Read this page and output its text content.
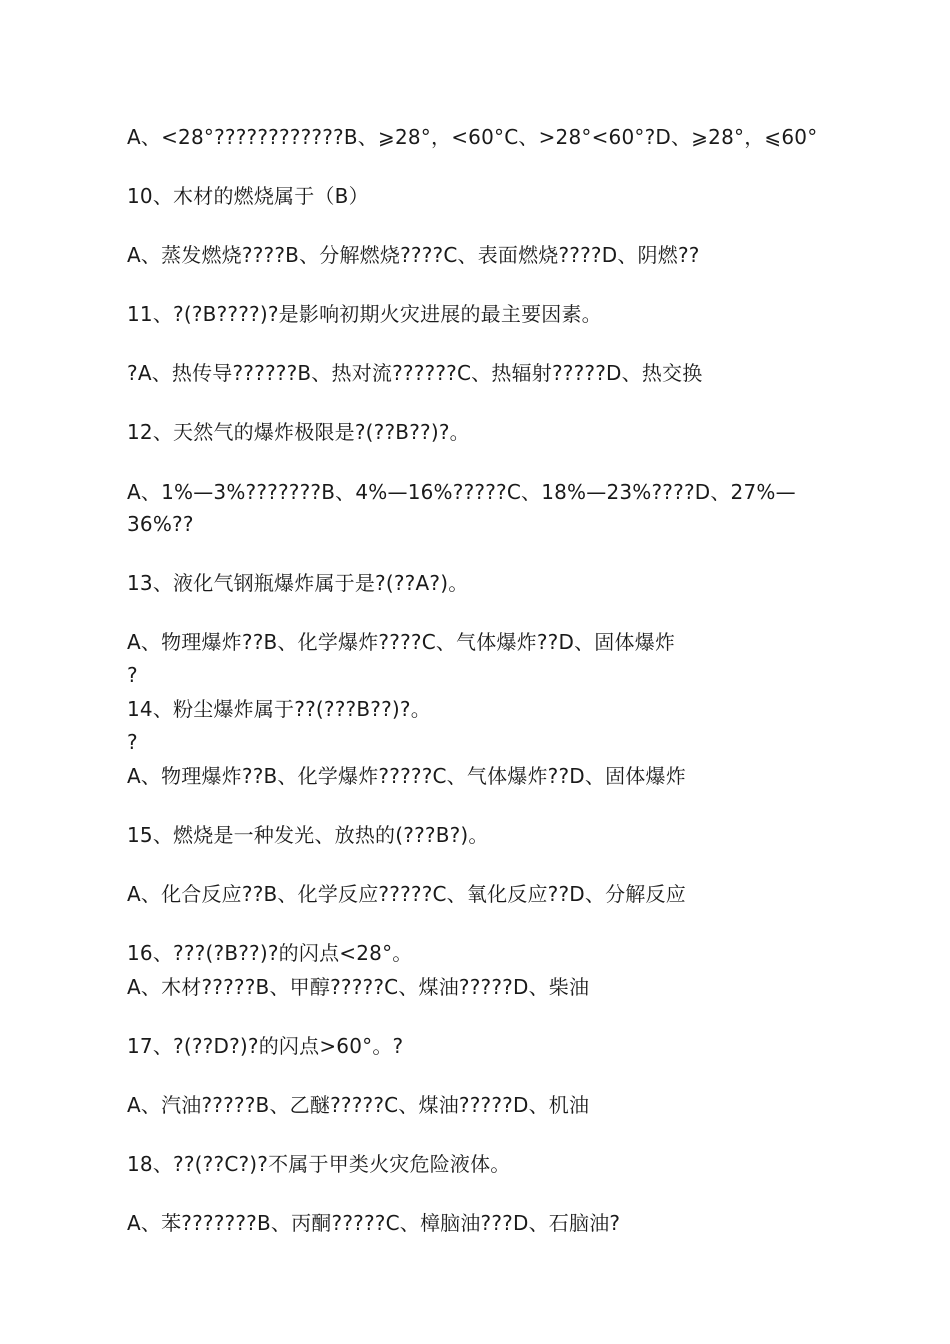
A、<28°????????????B、⩾28°，<60°C、>28°<60°?D、⩾28°，⩽60°
10、木材的燃烧属于（B）
A、蒸发燃烧????B、分解燃烧????C、表面燃烧????D、阴燃??
11、?(?B????)?是影响初期火灾进展的最主要因素。
?A、热传导??????B、热对流??????C、热辐射?????D、热交换
12、天然气的爆炸极限是?(??B??)?。
A、1%—3%???????B、4%—16%?????C、18%—23%????D、27%—
36%??
13、液化气钢瓶爆炸属于是?(??A?)。
A、物理爆炸??B、化学爆炸????C、气体爆炸??D、固体爆炸
?
14、粉尘爆炸属于??(???B??)?。
?
A、物理爆炸??B、化学爆炸?????C、气体爆炸??D、固体爆炸
15、燃烧是一种发光、放热的(???B?)。
A、化合反应??B、化学反应?????C、氧化反应??D、分解反应
16、???(?B??)?的闪点<28°。
A、木材?????B、甲醇?????C、煤油?????D、柴油
17、?(??D?)?的闪点>60°。?
A、汽油?????B、乙醚?????C、煤油?????D、机油
18、??(??C?)?不属于甲类火灾危险液体。
A、苯???????B、丙酮?????C、樟脑油???D、石脑油?
